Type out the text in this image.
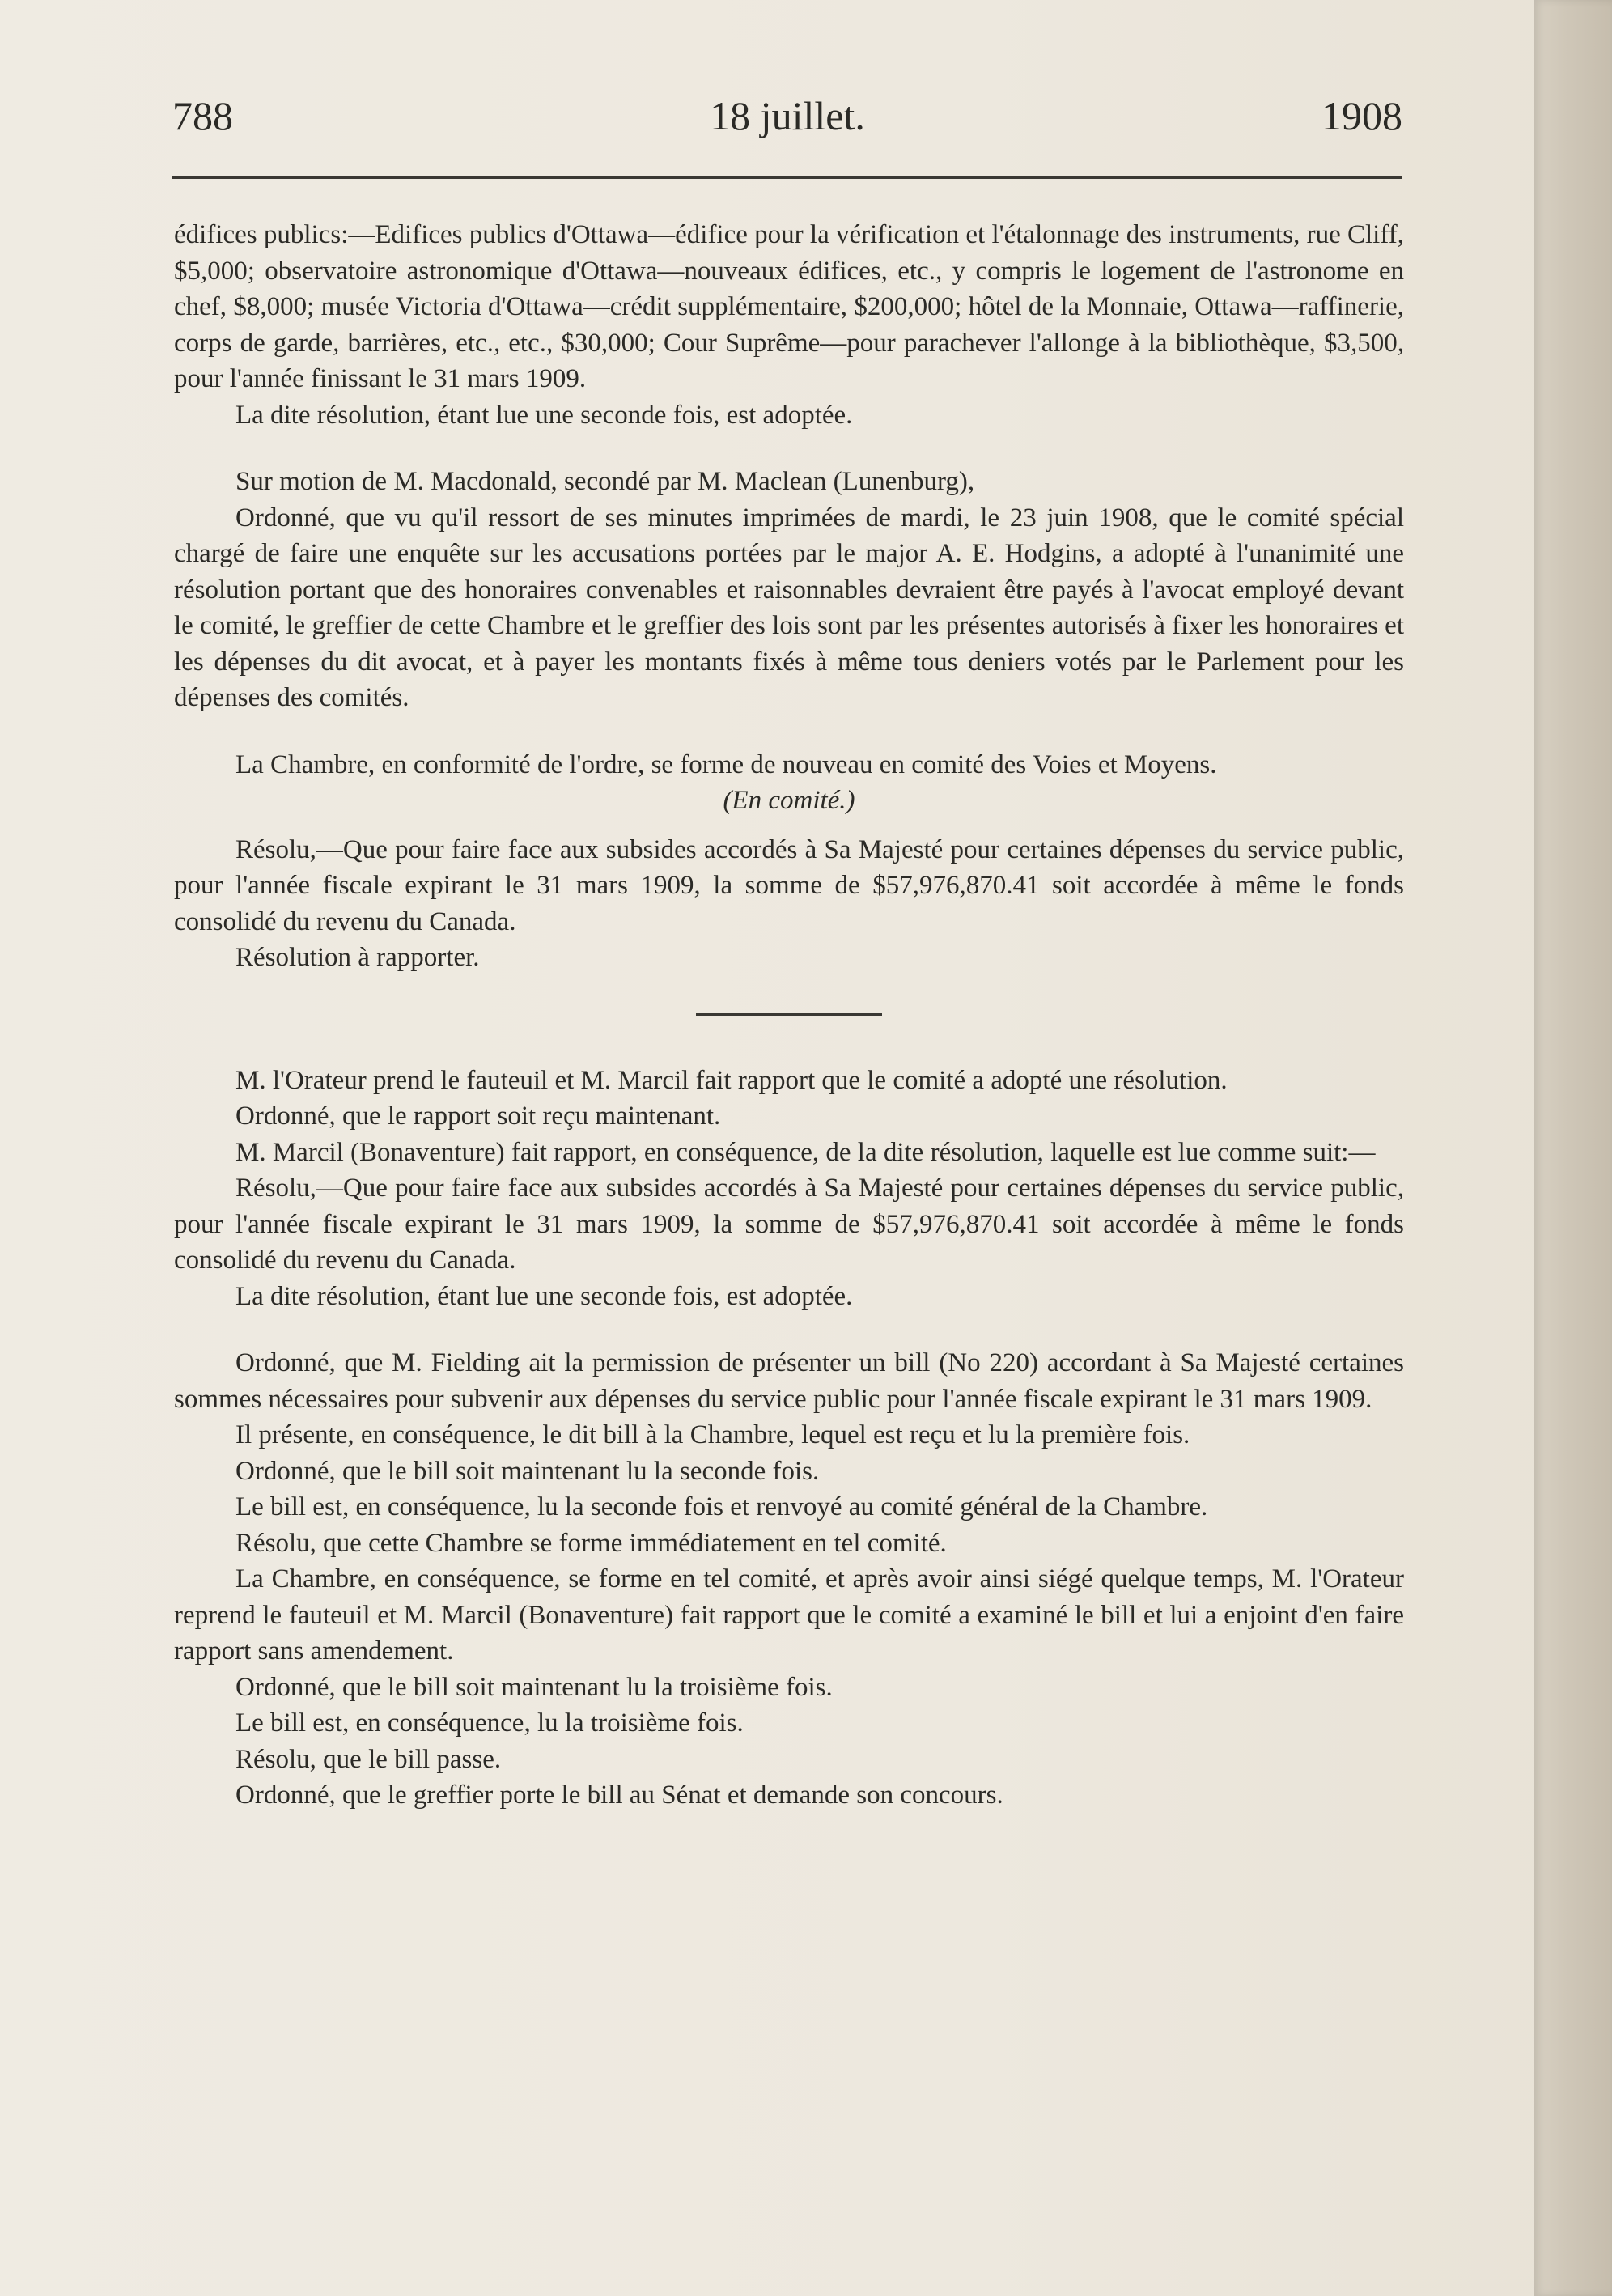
788	18 juillet.	1908

édifices publics:—Edifices publics d'Ottawa—édifice pour la vérification et l'étalonnage des instruments, rue Cliff, $5,000; observatoire astronomique d'Ottawa—nouveaux édifices, etc., y compris le logement de l'astronome en chef, $8,000; musée Victoria d'Ottawa—crédit supplémentaire, $200,000; hôtel de la Monnaie, Ottawa—raffinerie, corps de garde, barrières, etc., etc., $30,000; Cour Suprême—pour parachever l'allonge à la bibliothèque, $3,500, pour l'année finissant le 31 mars 1909.

La dite résolution, étant lue une seconde fois, est adoptée.

Sur motion de M. Macdonald, secondé par M. Maclean (Lunenburg),

Ordonné, que vu qu'il ressort de ses minutes imprimées de mardi, le 23 juin 1908, que le comité spécial chargé de faire une enquête sur les accusations portées par le major A. E. Hodgins, a adopté à l'unanimité une résolution portant que des honoraires convenables et raisonnables devraient être payés à l'avocat employé devant le comité, le greffier de cette Chambre et le greffier des lois sont par les présentes autorisés à fixer les honoraires et les dépenses du dit avocat, et à payer les montants fixés à même tous deniers votés par le Parlement pour les dépenses des comités.

La Chambre, en conformité de l'ordre, se forme de nouveau en comité des Voies et Moyens.

(En comité.)

Résolu,—Que pour faire face aux subsides accordés à Sa Majesté pour certaines dépenses du service public, pour l'année fiscale expirant le 31 mars 1909, la somme de $57,976,870.41 soit accordée à même le fonds consolidé du revenu du Canada.

Résolution à rapporter.

M. l'Orateur prend le fauteuil et M. Marcil fait rapport que le comité a adopté une résolution.

Ordonné, que le rapport soit reçu maintenant.

M. Marcil (Bonaventure) fait rapport, en conséquence, de la dite résolution, laquelle est lue comme suit:—

Résolu,—Que pour faire face aux subsides accordés à Sa Majesté pour certaines dépenses du service public, pour l'année fiscale expirant le 31 mars 1909, la somme de $57,976,870.41 soit accordée à même le fonds consolidé du revenu du Canada.

La dite résolution, étant lue une seconde fois, est adoptée.

Ordonné, que M. Fielding ait la permission de présenter un bill (No 220) accordant à Sa Majesté certaines sommes nécessaires pour subvenir aux dépenses du service public pour l'année fiscale expirant le 31 mars 1909.

Il présente, en conséquence, le dit bill à la Chambre, lequel est reçu et lu la première fois.

Ordonné, que le bill soit maintenant lu la seconde fois.

Le bill est, en conséquence, lu la seconde fois et renvoyé au comité général de la Chambre.

Résolu, que cette Chambre se forme immédiatement en tel comité.

La Chambre, en conséquence, se forme en tel comité, et après avoir ainsi siégé quelque temps, M. l'Orateur reprend le fauteuil et M. Marcil (Bonaventure) fait rapport que le comité a examiné le bill et lui a enjoint d'en faire rapport sans amendement.

Ordonné, que le bill soit maintenant lu la troisième fois.

Le bill est, en conséquence, lu la troisième fois.

Résolu, que le bill passe.

Ordonné, que le greffier porte le bill au Sénat et demande son concours.
